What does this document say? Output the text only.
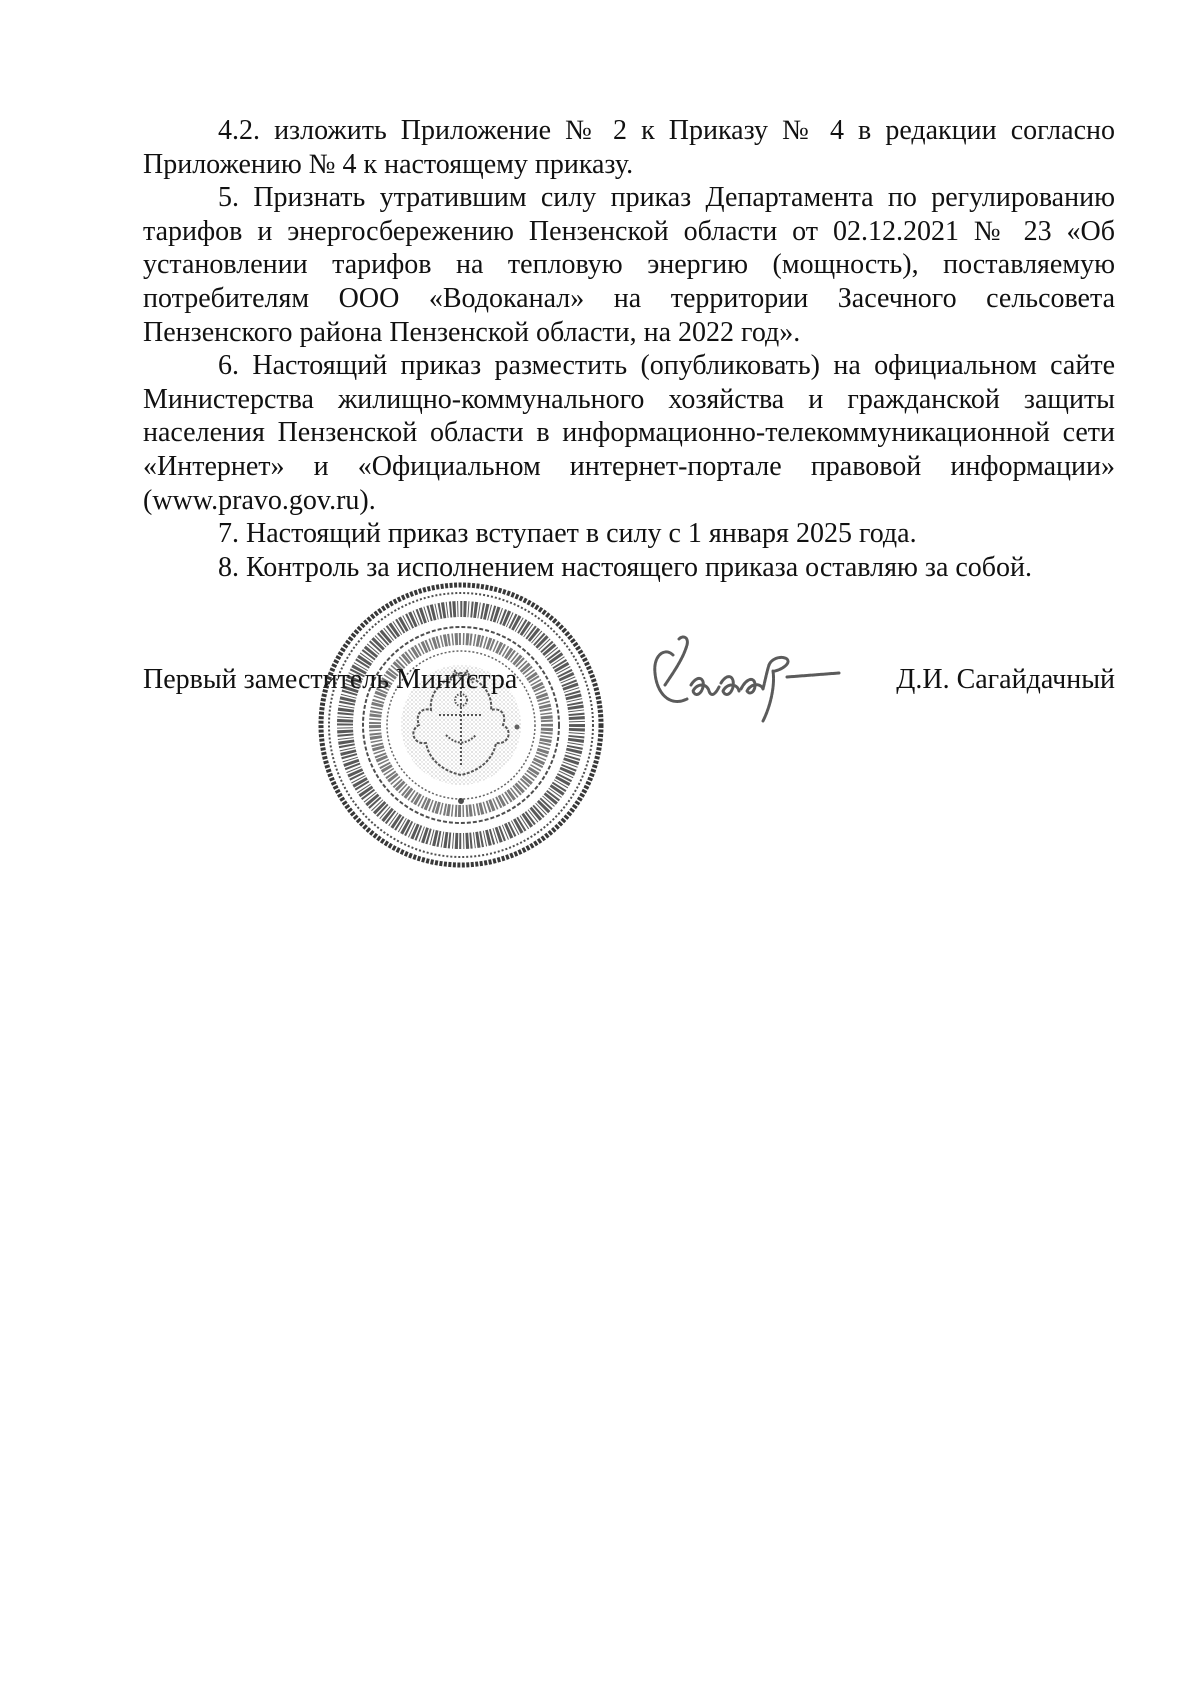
4.2. изложить Приложение № 2 к Приказу № 4 в редакции согласно Приложению № 4 к настоящему приказу.

5. Признать утратившим силу приказ Департамента по регулированию тарифов и энергосбережению Пензенской области от 02.12.2021 № 23 «Об установлении тарифов на тепловую энергию (мощность), поставляемую потребителям ООО «Водоканал» на территории Засечного сельсовета Пензенского района Пензенской области, на 2022 год».

6. Настоящий приказ разместить (опубликовать) на официальном сайте Министерства жилищно-коммунального хозяйства и гражданской защиты населения Пензенской области в информационно-телекоммуникационной сети «Интернет» и «Официальном интернет-портале правовой информации» (www.pravo.gov.ru).

7. Настоящий приказ вступает в силу с 1 января 2025 года.

8. Контроль за исполнением настоящего приказа оставляю за собой.

Первый заместитель Министра	Д.И. Сагайдачный
